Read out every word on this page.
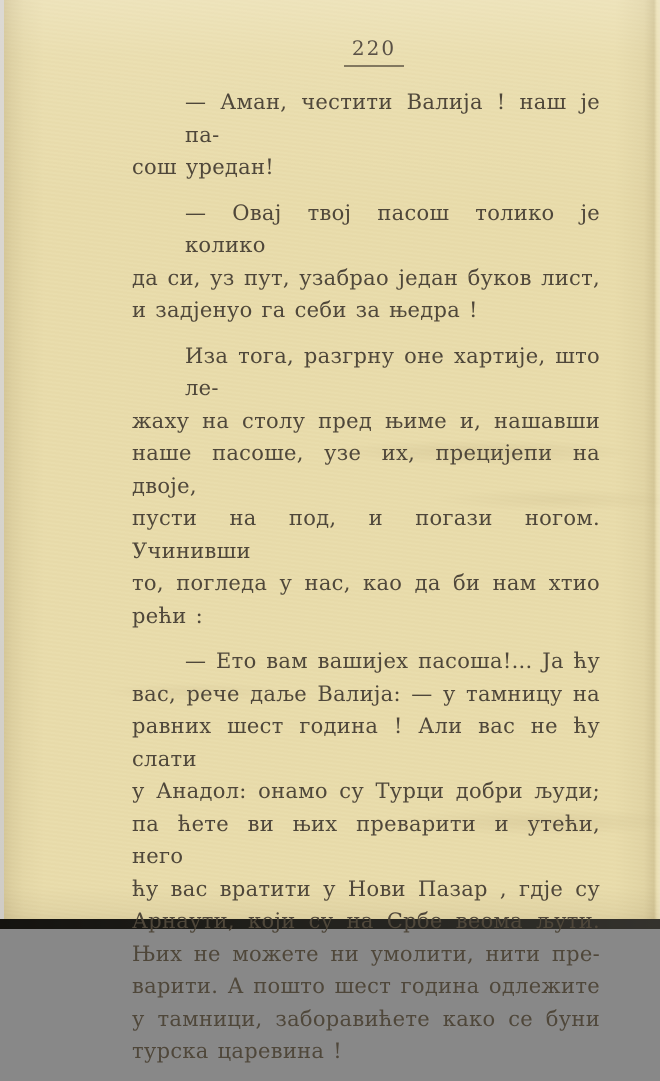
220
— Аман, честити Валија ! наш је па-
сош уредан!
— Овај твој пасош толико је колико
да си, уз пут, узабрао један буков лист,
и задјенуо га себи за њедра !
Иза тога, разгрну оне хартије, што ле-
жаху на столу пред њиме и, нашавши
наше пасоше, узе их, прецијепи на двоје,
пусти на под, и погази ногом. Учинивши
то, погледа у нас, као да би нам хтио
рећи :
— Ето вам вашијех пасоша!... Ја ћу
вас, рече даље Валија: — у тамницу на
равних шест година ! Али вас не ћу слати
у Анадол: онамо су Турци добри људи;
па ћете ви њих преварити и утећи, него
ћу вас вратити у Нови Пазар , гдје су
Арнаути, који су на Србе веома љути.
Њих не можете ни умолити, нити пре-
варити. А пошто шест година одлежите
у тамници, заборавићете како се буни
турска царевина !
